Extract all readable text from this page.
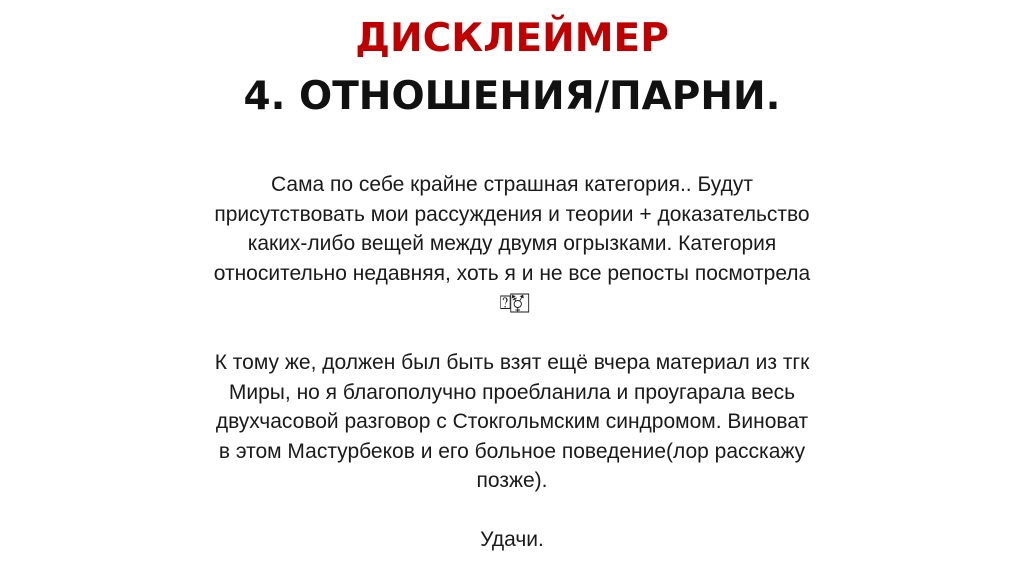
ДИСКЛЕЙМЕР
4. ОТНОШЕНИЯ/ПАРНИ.

Сама по себе крайне страшная категория.. Будут присутствовать мои рассуждения и теории + доказательство каких-либо вещей между двумя огрызками. Категория относительно недавняя, хоть я и не все репосты посмотрела ⍰⚧⃞

К тому же, должен был быть взят ещё вчера материал из тгк Миры, но я благополучно проебланила и проугарала весь двухчасовой разговор с Стокгольмским синдромом. Виноват в этом Мастурбеков и его больное поведение(лор расскажу позже).

Удачи.
